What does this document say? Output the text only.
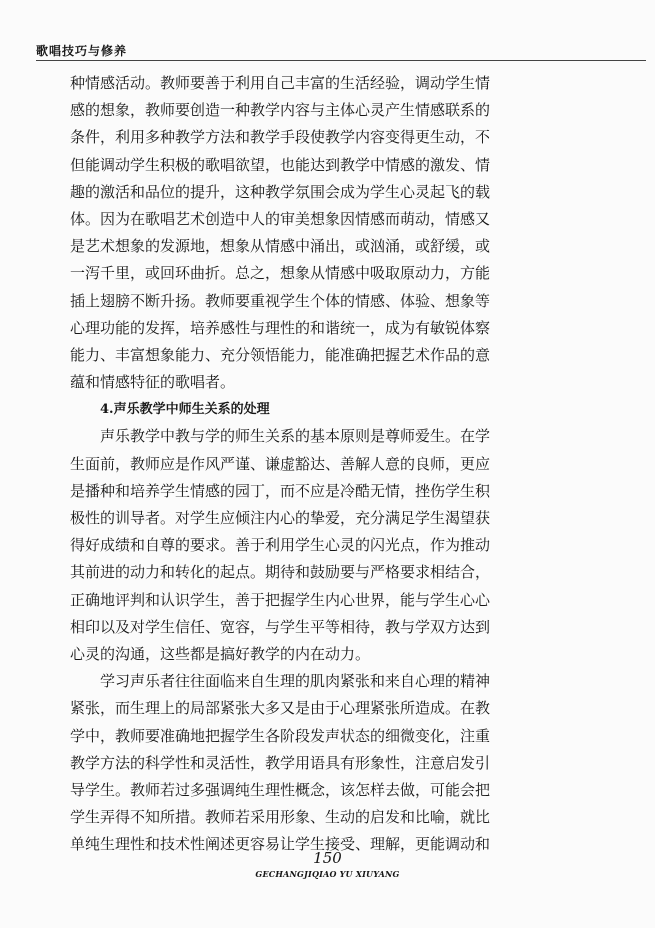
歌唱技巧与修养
种情感活动。教师要善于利用自己丰富的生活经验，调动学生情
感的想象，教师要创造一种教学内容与主体心灵产生情感联系的
条件，利用多种教学方法和教学手段使教学内容变得更生动，不
但能调动学生积极的歌唱欲望，也能达到教学中情感的激发、情
趣的激活和品位的提升，这种教学氛围会成为学生心灵起飞的载
体。因为在歌唱艺术创造中人的审美想象因情感而萌动，情感又
是艺术想象的发源地，想象从情感中涌出，或汹涌，或舒缓，或
一泻千里，或回环曲折。总之，想象从情感中吸取原动力，方能
插上翅膀不断升扬。教师要重视学生个体的情感、体验、想象等
心理功能的发挥，培养感性与理性的和谐统一，成为有敏锐体察
能力、丰富想象能力、充分领悟能力，能准确把握艺术作品的意
蕴和情感特征的歌唱者。
4.声乐教学中师生关系的处理
声乐教学中教与学的师生关系的基本原则是尊师爱生。在学
生面前，教师应是作风严谨、谦虚豁达、善解人意的良师，更应
是播种和培养学生情感的园丁，而不应是冷酷无情，挫伤学生积
极性的训导者。对学生应倾注内心的挚爱，充分满足学生渴望获
得好成绩和自尊的要求。善于利用学生心灵的闪光点，作为推动
其前进的动力和转化的起点。期待和鼓励要与严格要求相结合，
正确地评判和认识学生，善于把握学生内心世界，能与学生心心
相印以及对学生信任、宽容，与学生平等相待，教与学双方达到
心灵的沟通，这些都是搞好教学的内在动力。
学习声乐者往往面临来自生理的肌肉紧张和来自心理的精神
紧张，而生理上的局部紧张大多又是由于心理紧张所造成。在教
学中，教师要准确地把握学生各阶段发声状态的细微变化，注重
教学方法的科学性和灵活性，教学用语具有形象性，注意启发引
导学生。教师若过多强调纯生理性概念，该怎样去做，可能会把
学生弄得不知所措。教师若采用形象、生动的启发和比喻，就比
单纯生理性和技术性阐述更容易让学生接受、理解，更能调动和
150
GECHANGJIQIAO YU XIUYANG
